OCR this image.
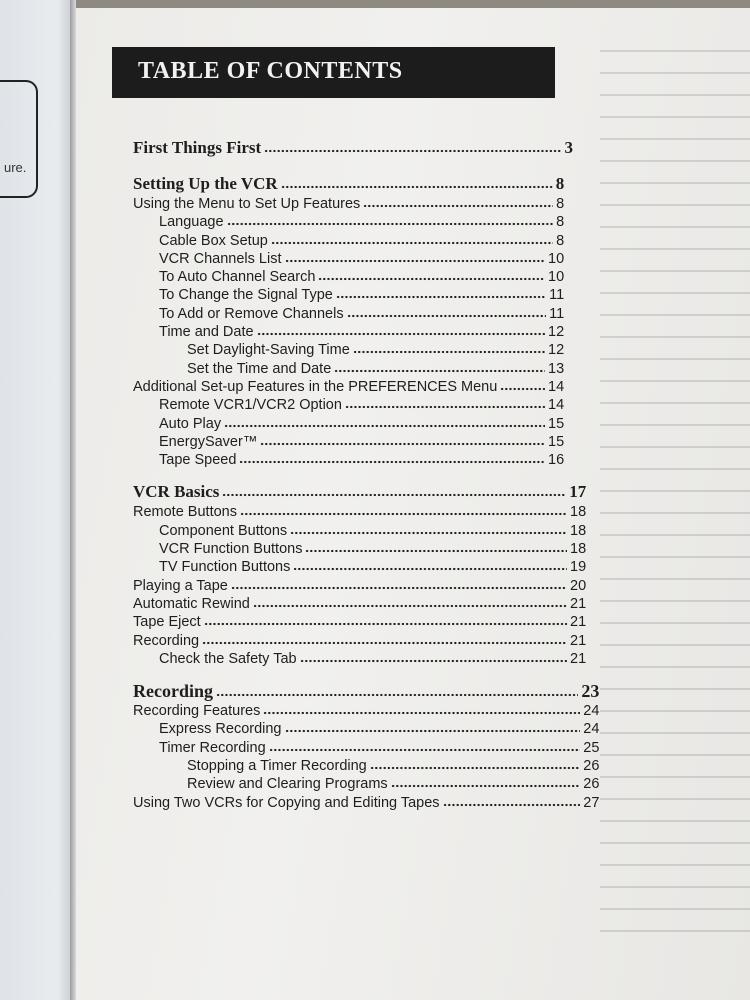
ure.
TABLE OF CONTENTS
First Things First	3
Setting Up the VCR	8
Using the Menu to Set Up Features	8
Language	8
Cable Box Setup	8
VCR Channels List	10
To Auto Channel Search	10
To Change the Signal Type	11
To Add or Remove Channels	11
Time and Date	12
Set Daylight-Saving Time	12
Set the Time and Date	13
Additional Set-up Features in the PREFERENCES Menu	14
Remote VCR1/VCR2 Option	14
Auto Play	15
EnergySaver™	15
Tape Speed	16
VCR Basics	17
Remote Buttons	18
Component Buttons	18
VCR Function Buttons	18
TV Function Buttons	19
Playing a Tape	20
Automatic Rewind	21
Tape Eject	21
Recording	21
Check the Safety Tab	21
Recording	23
Recording Features	24
Express Recording	24
Timer Recording	25
Stopping a Timer Recording	26
Review and Clearing Programs	26
Using Two VCRs for Copying and Editing Tapes	27
